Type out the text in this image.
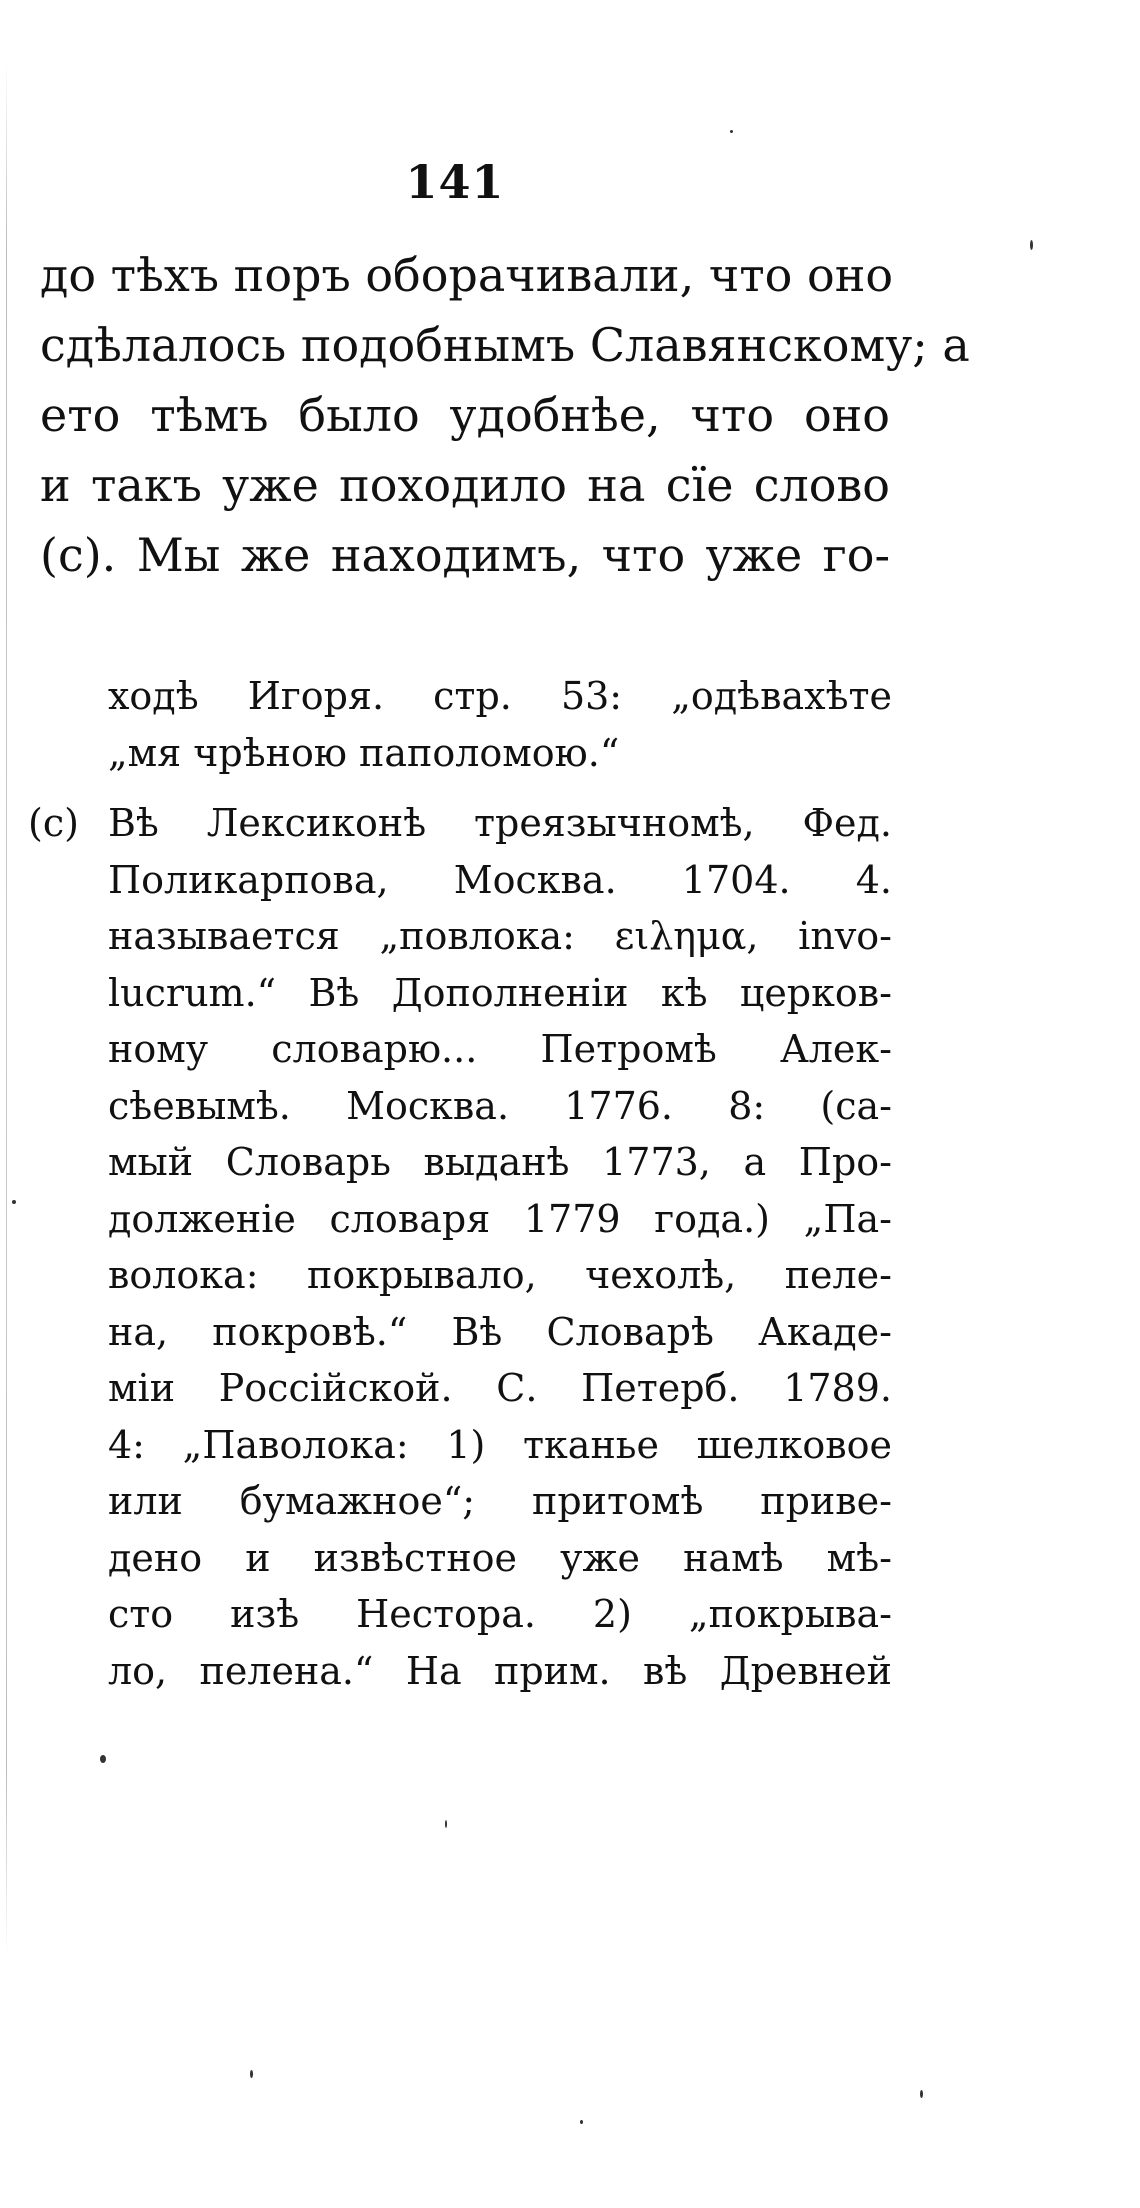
141
до тѣхъ поръ оборачивали, что оно
сдѣлалось подобнымъ Славянскому; а
ето тѣмъ было удобнѣе, что оно
и такъ уже походило на сїе слово
(с). Мы же находимъ, что уже го-
ходѣ Игоря. стр. 53: „одѣвахѣте
„мя чрѣною паполомою.“
(с) Вѣ Лексиконѣ треязычномѣ, Фед.
Поликарпова, Москва. 1704. 4.
называется „повлока: ειλημα, invo-
lucrum.“ Вѣ Дополненiи кѣ церков-
ному словарю... Петромѣ Алек-
сѣевымѣ. Москва. 1776. 8: (са-
мый Словарь выданѣ 1773, а Про-
долженiе словаря 1779 года.) „Па-
волока: покрывало, чехолѣ, пеле-
на, покровѣ.“ Вѣ Словарѣ Акаде-
мiи Россiйской. С. Петерб. 1789.
4: „Паволока: 1) тканье шелковое
или бумажное“; притомѣ приве-
дено и извѣстное уже намѣ мѣ-
сто изѣ Нестора. 2) „покрыва-
ло, пелена.“ На прим. вѣ Древней
